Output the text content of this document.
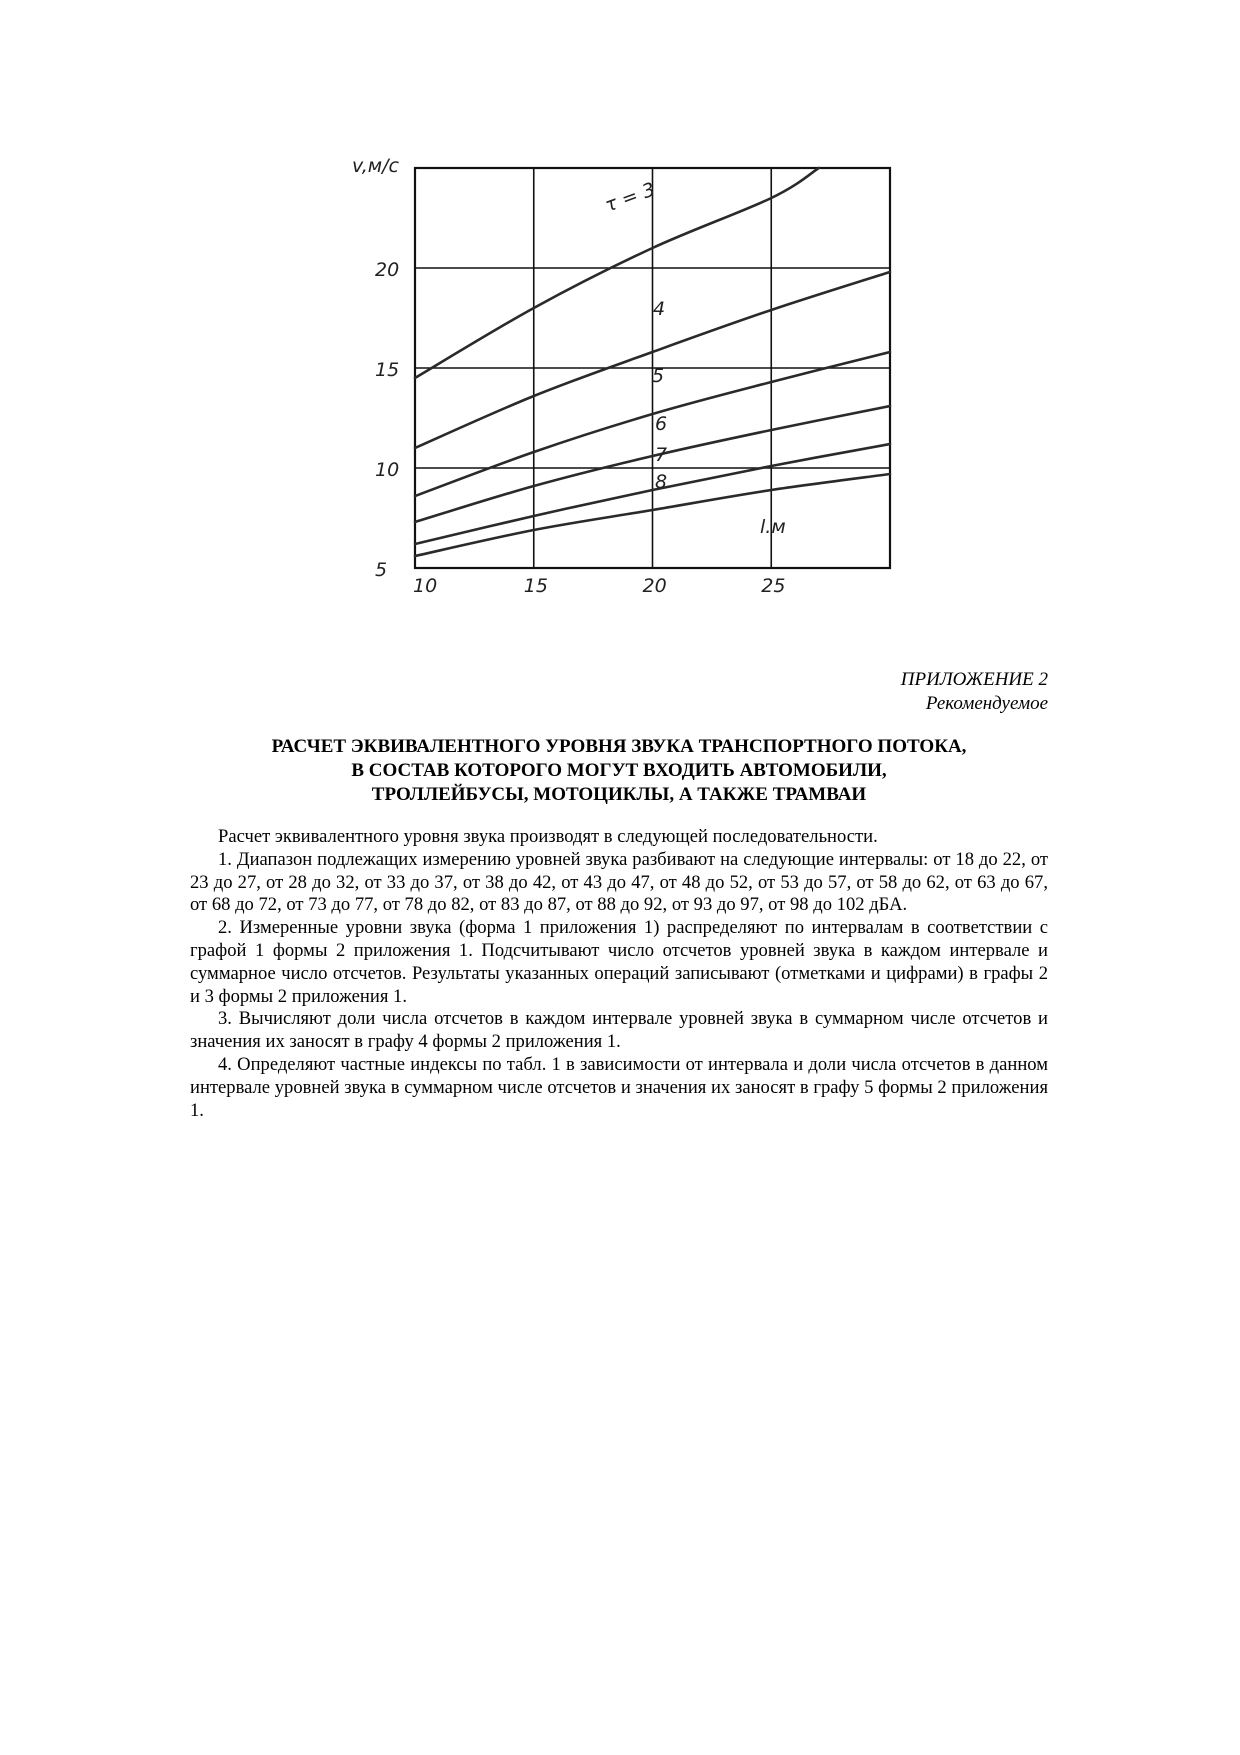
10	15	20	25
5
10
15
20
v,м/с
l.м
τ = 3
4
5
6
7
8
ПРИЛОЖЕНИЕ 2
Рекомендуемое
РАСЧЕТ ЭКВИВАЛЕНТНОГО УРОВНЯ ЗВУКА ТРАНСПОРТНОГО ПОТОКА,
В СОСТАВ КОТОРОГО МОГУТ ВХОДИТЬ АВТОМОБИЛИ,
ТРОЛЛЕЙБУСЫ, МОТОЦИКЛЫ, А ТАКЖЕ ТРАМВАИ

Расчет эквивалентного уровня звука производят в следующей последовательности.

1. Диапазон подлежащих измерению уровней звука разбивают на следующие интервалы: от 18 до 22, от 23 до 27, от 28 до 32, от 33 до 37, от 38 до 42, от 43 до 47, от 48 до 52, от 53 до 57, от 58 до 62, от 63 до 67, от 68 до 72, от 73 до 77, от 78 до 82, от 83 до 87, от 88 до 92, от 93 до 97, от 98 до 102 дБА.

2. Измеренные уровни звука (форма 1 приложения 1) распределяют по интервалам в соответствии с графой 1 формы 2 приложения 1. Подсчитывают число отсчетов уровней звука в каждом интервале и суммарное число отсчетов. Результаты указанных операций записывают (отметками и цифрами) в графы 2 и 3 формы 2 приложения 1.

3. Вычисляют доли числа отсчетов в каждом интервале уровней звука в суммарном числе отсчетов и значения их заносят в графу 4 формы 2 приложения 1.

4. Определяют частные индексы по табл. 1 в зависимости от интервала и доли числа отсчетов в данном интервале уровней звука в суммарном числе отсчетов и значения их заносят в графу 5 формы 2 приложения 1.
